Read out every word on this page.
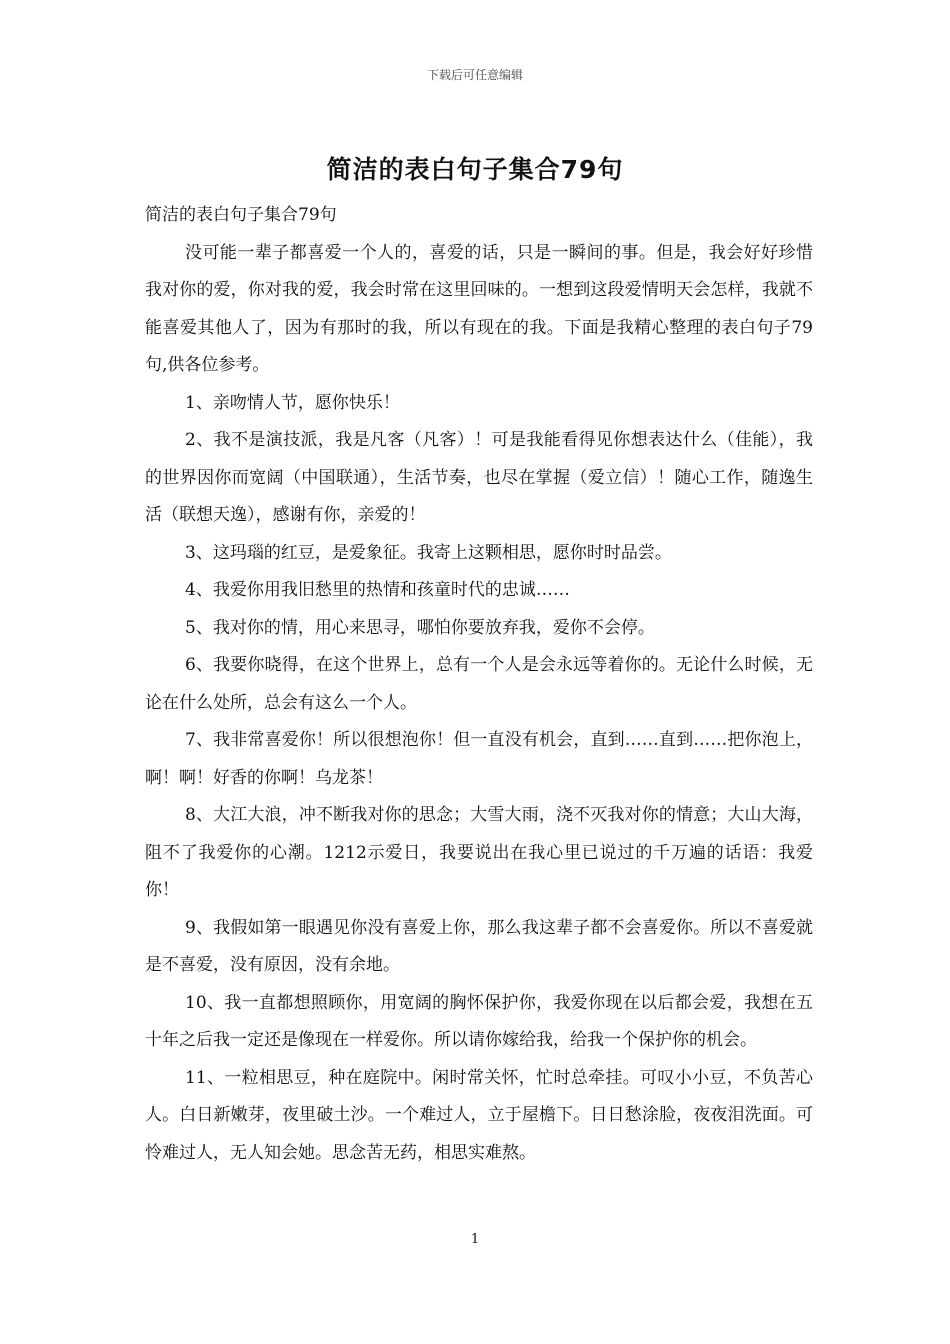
下载后可任意编辑
简洁的表白句子集合79句

简洁的表白句子集合79句

没可能一辈子都喜爱一个人的，喜爱的话，只是一瞬间的事。但是，我会好好珍惜我对你的爱，你对我的爱，我会时常在这里回味的。一想到这段爱情明天会怎样，我就不能喜爱其他人了，因为有那时的我，所以有现在的我。下面是我精心整理的表白句子79句,供各位参考。

1、亲吻情人节，愿你快乐！

2、我不是演技派，我是凡客（凡客）！可是我能看得见你想表达什么（佳能），我的世界因你而宽阔（中国联通），生活节奏，也尽在掌握（爱立信）！随心工作，随逸生活（联想天逸），感谢有你，亲爱的！

3、这玛瑙的红豆，是爱象征。我寄上这颗相思，愿你时时品尝。

4、我爱你用我旧愁里的热情和孩童时代的忠诚……

5、我对你的情，用心来思寻，哪怕你要放弃我，爱你不会停。

6、我要你晓得，在这个世界上，总有一个人是会永远等着你的。无论什么时候，无论在什么处所，总会有这么一个人。

7、我非常喜爱你！所以很想泡你！但一直没有机会，直到……直到……把你泡上，啊！啊！好香的你啊！乌龙茶！

8、大江大浪，冲不断我对你的思念；大雪大雨，浇不灭我对你的情意；大山大海，阻不了我爱你的心潮。1212示爱日，我要说出在我心里已说过的千万遍的话语：我爱你！

9、我假如第一眼遇见你没有喜爱上你，那么我这辈子都不会喜爱你。所以不喜爱就是不喜爱，没有原因，没有余地。

10、我一直都想照顾你，用宽阔的胸怀保护你，我爱你现在以后都会爱，我想在五十年之后我一定还是像现在一样爱你。所以请你嫁给我，给我一个保护你的机会。

11、一粒相思豆，种在庭院中。闲时常关怀，忙时总牵挂。可叹小小豆，不负苦心人。白日新嫩芽，夜里破土沙。一个难过人，立于屋檐下。日日愁涂脸，夜夜泪洗面。可怜难过人，无人知会她。思念苦无药，相思实难熬。

1
